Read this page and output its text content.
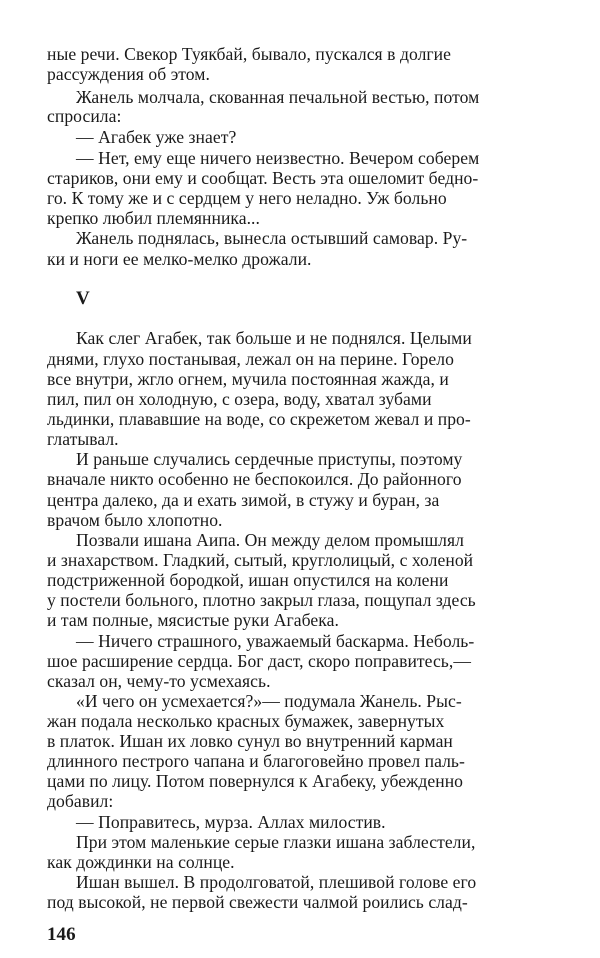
ные речи. Свекор Туякбай, бывало, пускался в долгие
рассуждения об этом.
Жанель молчала, скованная печальной вестью, потом
спросила:
— Агабек уже знает?
— Нет, ему еще ничего неизвестно. Вечером соберем
стариков, они ему и сообщат. Весть эта ошеломит бедно-
го. К тому же и с сердцем у него неладно. Уж больно
крепко любил племянника...
Жанель поднялась, вынесла остывший самовар. Ру-
ки и ноги ее мелко-мелко дрожали.
V
Как слег Агабек, так больше и не поднялся. Целыми
днями, глухо постанывая, лежал он на перине. Горело
все внутри, жгло огнем, мучила постоянная жажда, и
пил, пил он холодную, с озера, воду, хватал зубами
льдинки, плававшие на воде, со скрежетом жевал и про-
глатывал.
И раньше случались сердечные приступы, поэтому
вначале никто особенно не беспокоился. До районного
центра далеко, да и ехать зимой, в стужу и буран, за
врачом было хлопотно.
Позвали ишана Аипа. Он между делом промышлял
и знахарством. Гладкий, сытый, круглолицый, с холеной
подстриженной бородкой, ишан опустился на колени
у постели больного, плотно закрыл глаза, пощупал здесь
и там полные, мясистые руки Агабека.
— Ничего страшного, уважаемый баскарма. Неболь-
шое расширение сердца. Бог даст, скоро поправитесь,—
сказал он, чему-то усмехаясь.
«И чего он усмехается?»— подумала Жанель. Рыс-
жан подала несколько красных бумажек, завернутых
в платок. Ишан их ловко сунул во внутренний карман
длинного пестрого чапана и благоговейно провел паль-
цами по лицу. Потом повернулся к Агабеку, убежденно
добавил:
— Поправитесь, мурза. Аллах милостив.
При этом маленькие серые глазки ишана заблестели,
как дождинки на солнце.
Ишан вышел. В продолговатой, плешивой голове его
под высокой, не первой свежести чалмой роились слад-
146
